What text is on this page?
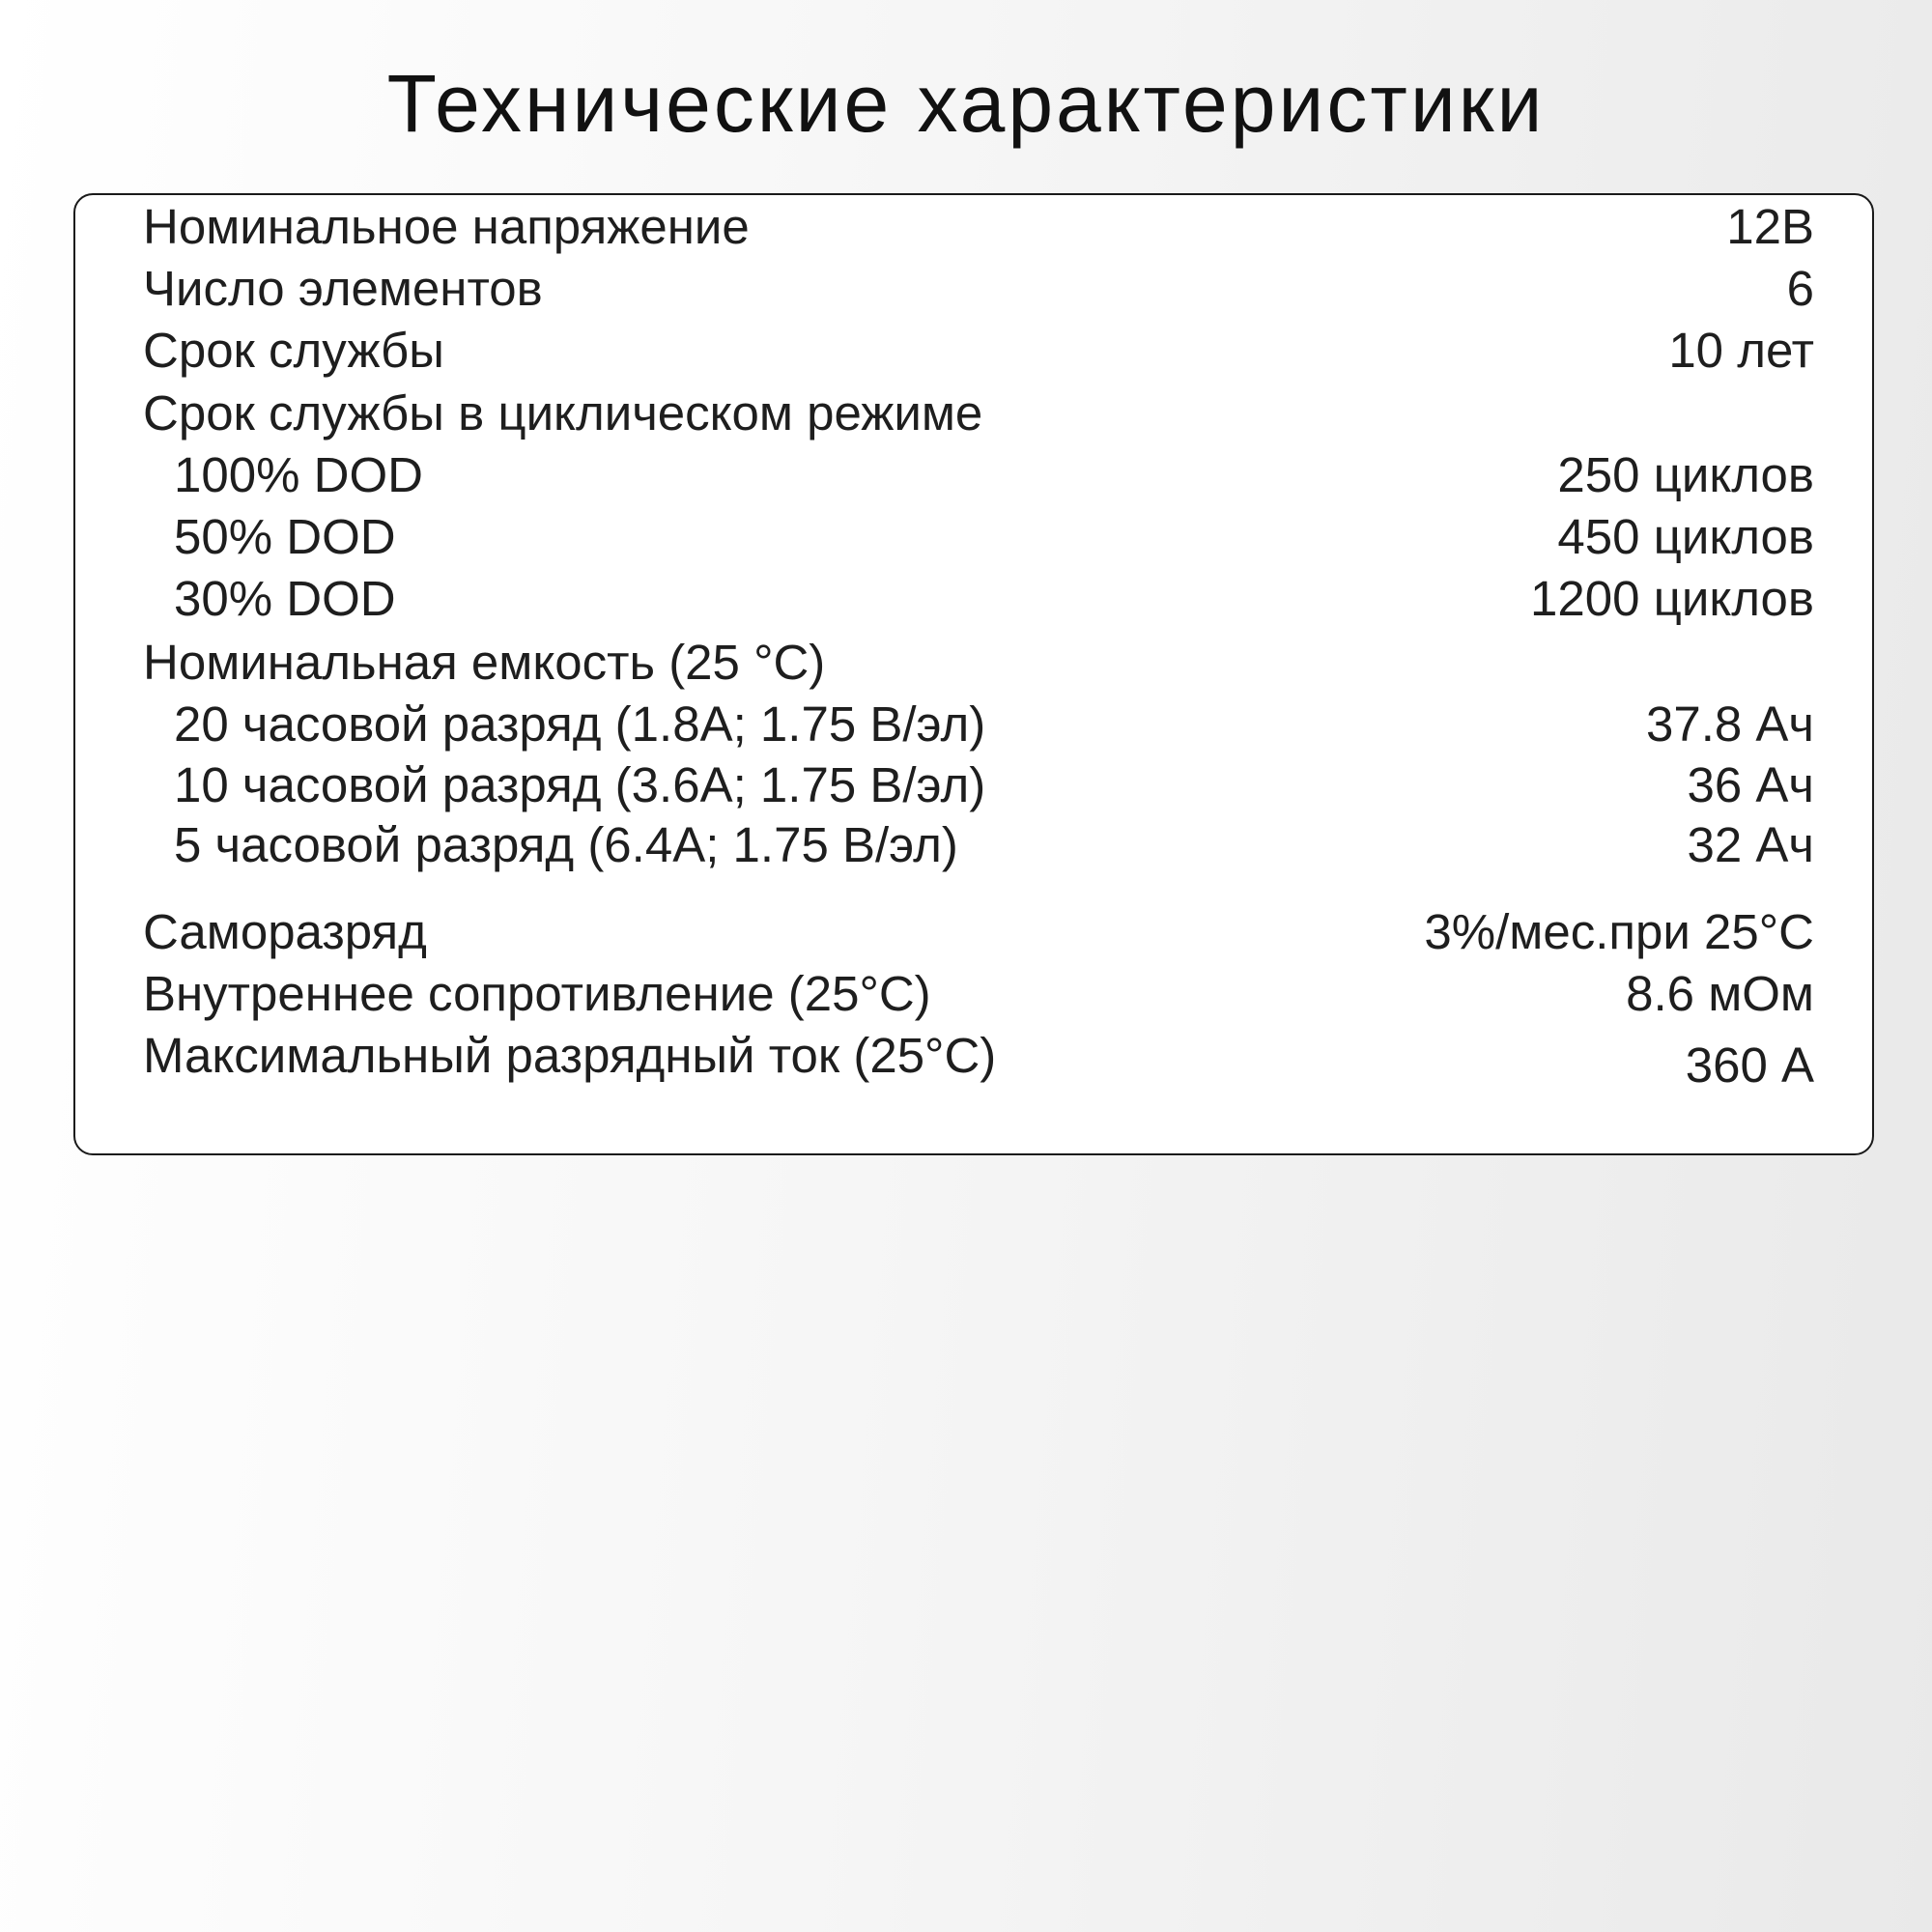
Технические характеристики
Номинальное напряжение	12В
Число элементов	6
Срок службы	10 лет
Срок службы в циклическом режиме
100% DOD	250 циклов
50% DOD	450 циклов
30% DOD	1200 циклов
Номинальная емкость (25 °C)
20 часовой разряд (1.8А; 1.75 В/эл)	37.8 Ач
10 часовой разряд (3.6А; 1.75 В/эл)	36 Ач
5 часовой разряд (6.4А; 1.75 В/эл)	32 Ач
Саморазряд	3%/мес.при 25°C
Внутреннее сопротивление (25°С)	8.6 мОм
Максимальный разрядный ток (25°С)	360 А
